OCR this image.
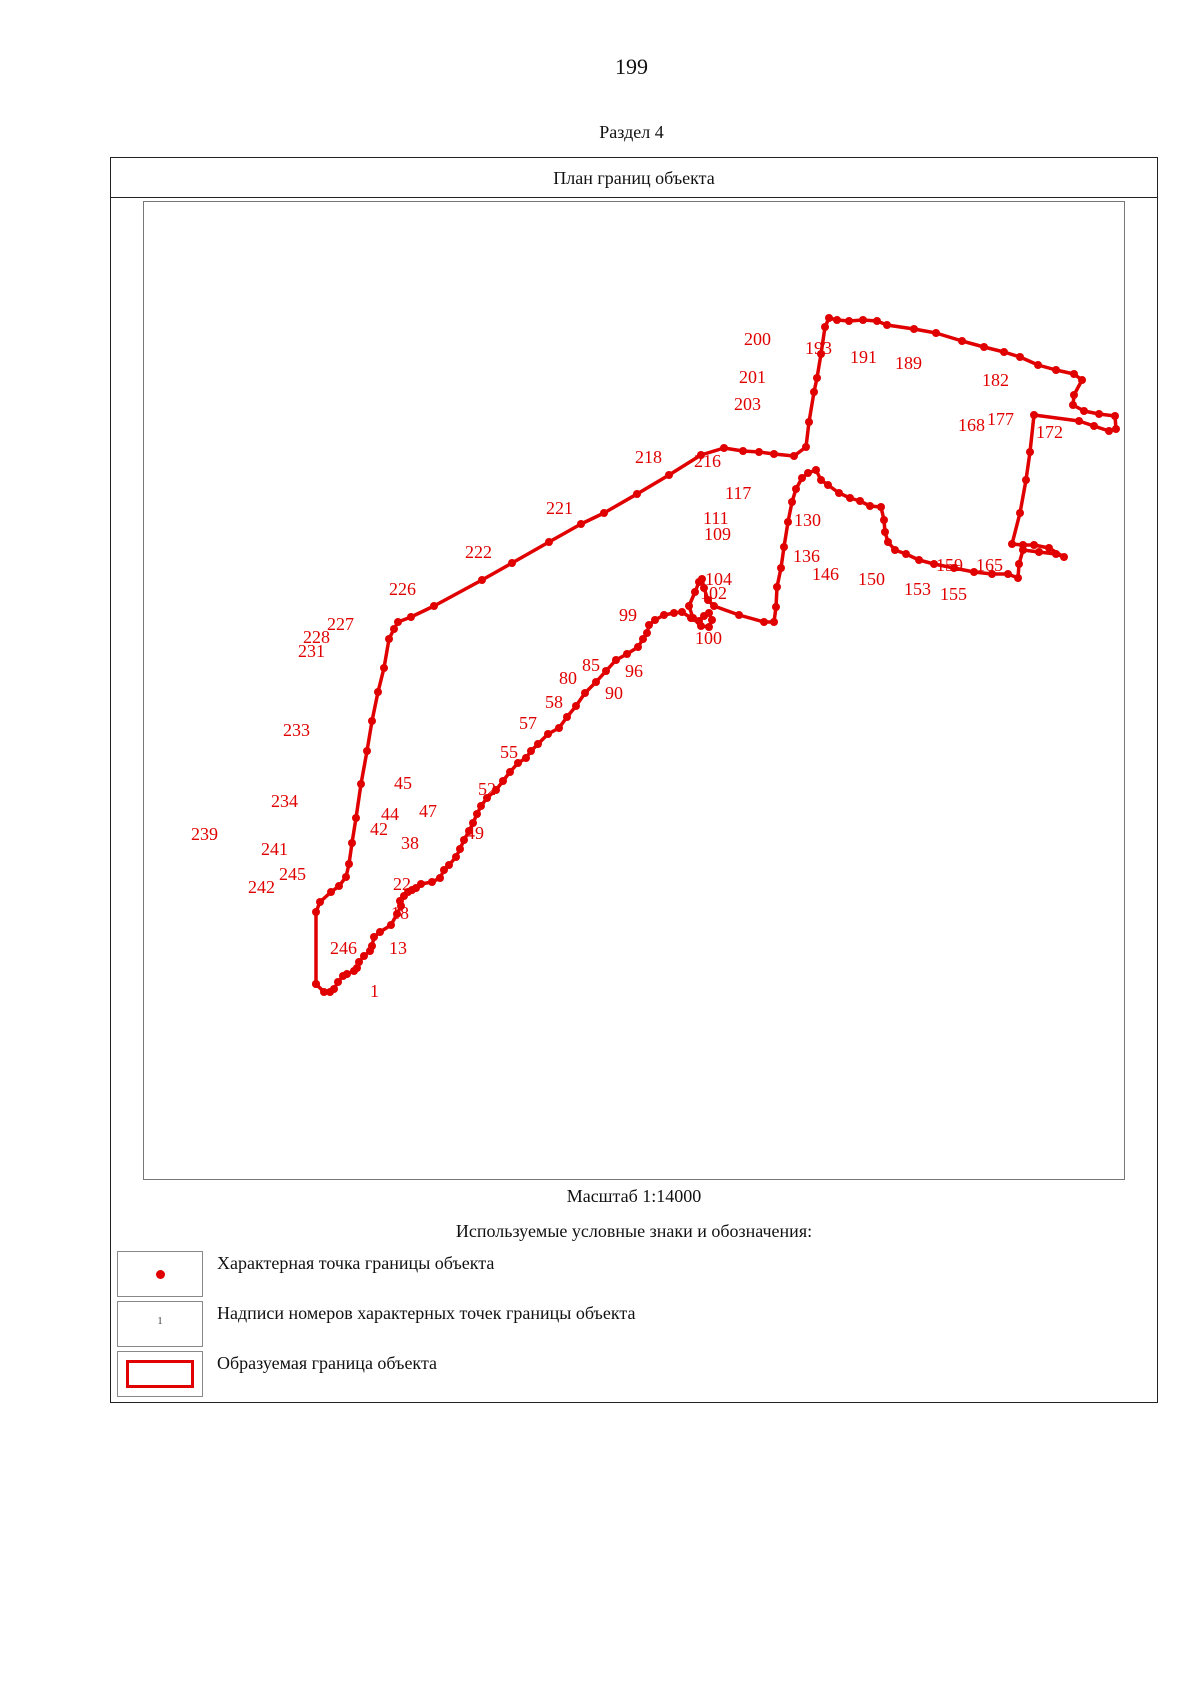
199
Раздел 4
План границ объекта
1
13
18
22
38
42
44
45
47
49
52
55
57
58
80
85
90
96
99
100
102
104
109
111
117
130
136
146 150 153 155
159 165
168	172
177
182
189
191
193
200
201
203
216
218
221
222
226
227
228
231
233
234
239
241
242
245
246
Масштаб 1:14000
Используемые условные знаки и обозначения:
Характерная точка границы объекта
1	Надписи номеров характерных точек границы объекта
Образуемая граница объекта
